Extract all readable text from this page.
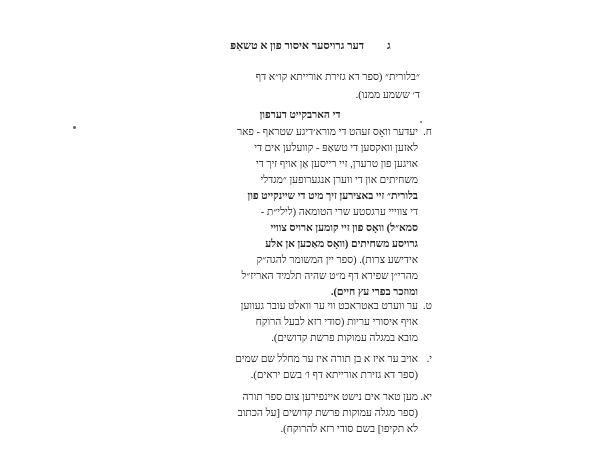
ג
דער גרויסער איסור פון א טשאַפּ
״בלורית״ (ספר דא גזירת אורייתא קו״א דף
ד׳ ששמע ממנו).
די הארבקייט דערפון
ח.
יעדער וואָס זעהט די מורא׳דיגע שטראף - פאר
לאזען וואקסען די טשאַפּ - קוועלען אים די
אויגען פון טרערן, זיי רייסען אַן אויף זיך די
משחיתים און די ווערן אנגערופען ״מגדלי
בלורית״ זיי באצירען זיך מיט די שיינקייט פון
די צווייי ערגסטע שרי הטומאה (לילי״ת -
סמא״ל) וואָס פון זיי קומען ארויס צוויי
גרויסע משחיתים (וואָס מאַכען אן אלע
אידישע צרות). (ספר יין המשומר להגה״ק
מהרי״ן שפירא דף מ״ט שהיה תלמיד האריז״ל
ומוזכר בפרי עץ חיים).
ט.
ער ווערט באטראכט ווי ער וואלט עובר געווען
אויף איסורי עריות (סודי רזא לבעל הרוקח
מובא במגלה עמוקות פרשת קדושים).
י.
אויב ער איז א בן תורה איז ער מחלל שם שמים
(ספר דא גזירת אורייתא דף ו׳ בשם יראים).
יא.
מען טאר אים נישט איינפירען צום ספר תורה
(ספר מגלה עמוקות פרשת קדושים [על הכתוב
לא תקיפו] בשם סודי רזא להרוקח).
